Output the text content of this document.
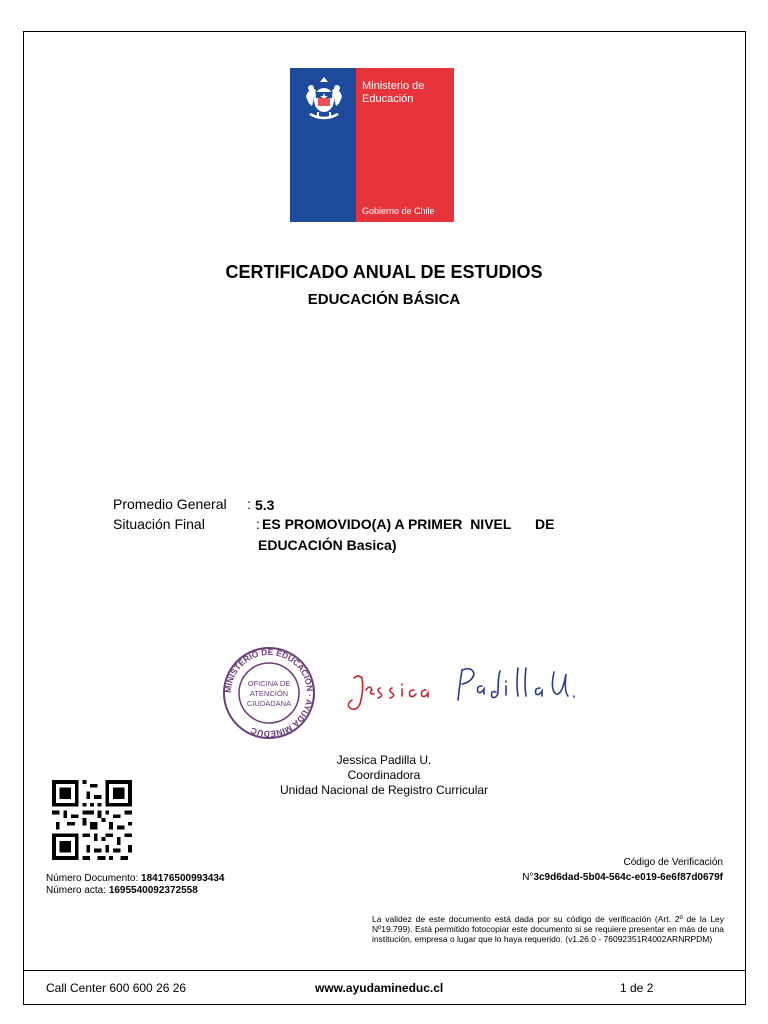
Ministerio de
Educación
Gobierno de Chile
CERTIFICADO ANUAL DE ESTUDIOS
EDUCACIÓN BÁSICA
Promedio General : 5.3
Situación Final	: ES PROMOVIDO(A) A PRIMER  NIVEL DE
EDUCACIÓN Basica)
MINISTERIO DE EDUCACIÓN · AYUDA MINEDUC
OFICINA DE
ATENCIÓN
CIUDADANA
Jessica Padilla U.
Coordinadora
Unidad Nacional de Registro Curricular
Número Documento: 184176500993434
Número acta: 1695540092372558
Código de Verificación
N°3c9d6dad-5b04-564c-e019-6e6f87d0679f
La validez de este documento está dada por su código de verificación (Art. 2º de la Ley Nº19.799). Está permitido fotocopiar este documento si se requiere presentar en más de una institución, empresa o lugar que lo haya requerido. (v1.26.0 - 76092351R4002ARNRPDM)
Call Center 600 600 26 26	www.ayudamineduc.cl	1 de 2
